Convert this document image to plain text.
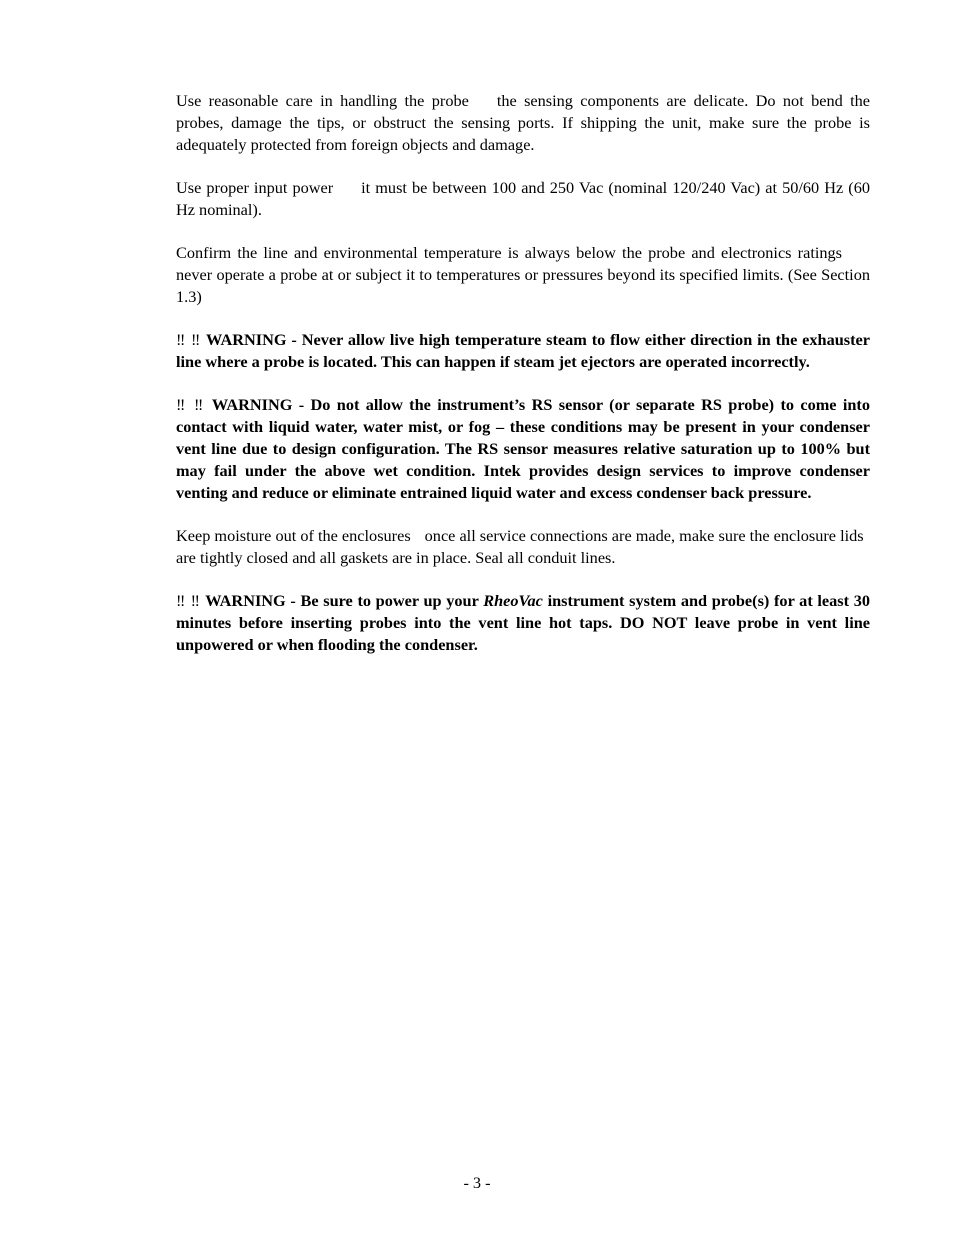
Use reasonable care in handling the probe the sensing components are delicate. Do not bend the probes, damage the tips, or obstruct the sensing ports. If shipping the unit, make sure the probe is adequately protected from foreign objects and damage.

Use proper input power it must be between 100 and 250 Vac (nominal 120/240 Vac) at 50/60 Hz (60 Hz nominal).

Confirm the line and environmental temperature is always below the probe and electronics ratingsnever operate a probe at or subject it to temperatures or pressures beyond its specified limits. (See Section 1.3)

‼ ‼ WARNING - Never allow live high temperature steam to flow either direction in the exhauster line where a probe is located. This can happen if steam jet ejectors are operated incorrectly.

‼ ‼ WARNING - Do not allow the instrument’s RS sensor (or separate RS probe) to come into contact with liquid water, water mist, or fog – these conditions may be present in your condenser vent line due to design configuration. The RS sensor measures relative saturation up to 100% but may fail under the above wet condition. Intek provides design services to improve condenser venting and reduce or eliminate entrained liquid water and excess condenser back pressure.

Keep moisture out of the enclosures once all service connections are made, make sure the enclosure lids are tightly closed and all gaskets are in place. Seal all conduit lines.

‼ ‼ WARNING - Be sure to power up your RheoVac instrument system and probe(s) for at least 30 minutes before inserting probes into the vent line hot taps. DO NOT leave probe in vent line unpowered or when flooding the condenser.

- 3 -
